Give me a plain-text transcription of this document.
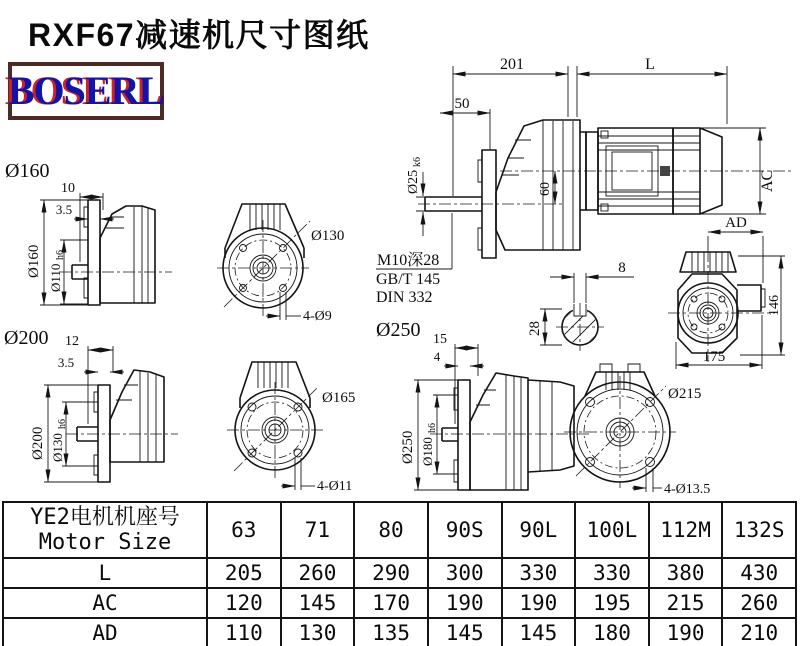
RXF67减速机尺寸图纸
BOSERL
201	L
50
Ø25
k6
60	AC
M10深28
GB/T 145
DIN 332
AD
146
175
Ø160
10
3.5
Ø160 Ø110
h6
Ø130
4-Ø9
Ø200 12
3.5
Ø200 Ø130
h6
Ø165
4-Ø11
Ø250 15
4
Ø250 Ø180
h6
Ø215
4-Ø13.5
8
28
YE2电机机座号
Motor Size	63	71	80	90S	90L	100L	112M	132S
L	205	260	290	300	330	330	380	430
AC	120	145	170	190	190	195	215	260
AD	110	130	135	145	145	180	190	210
